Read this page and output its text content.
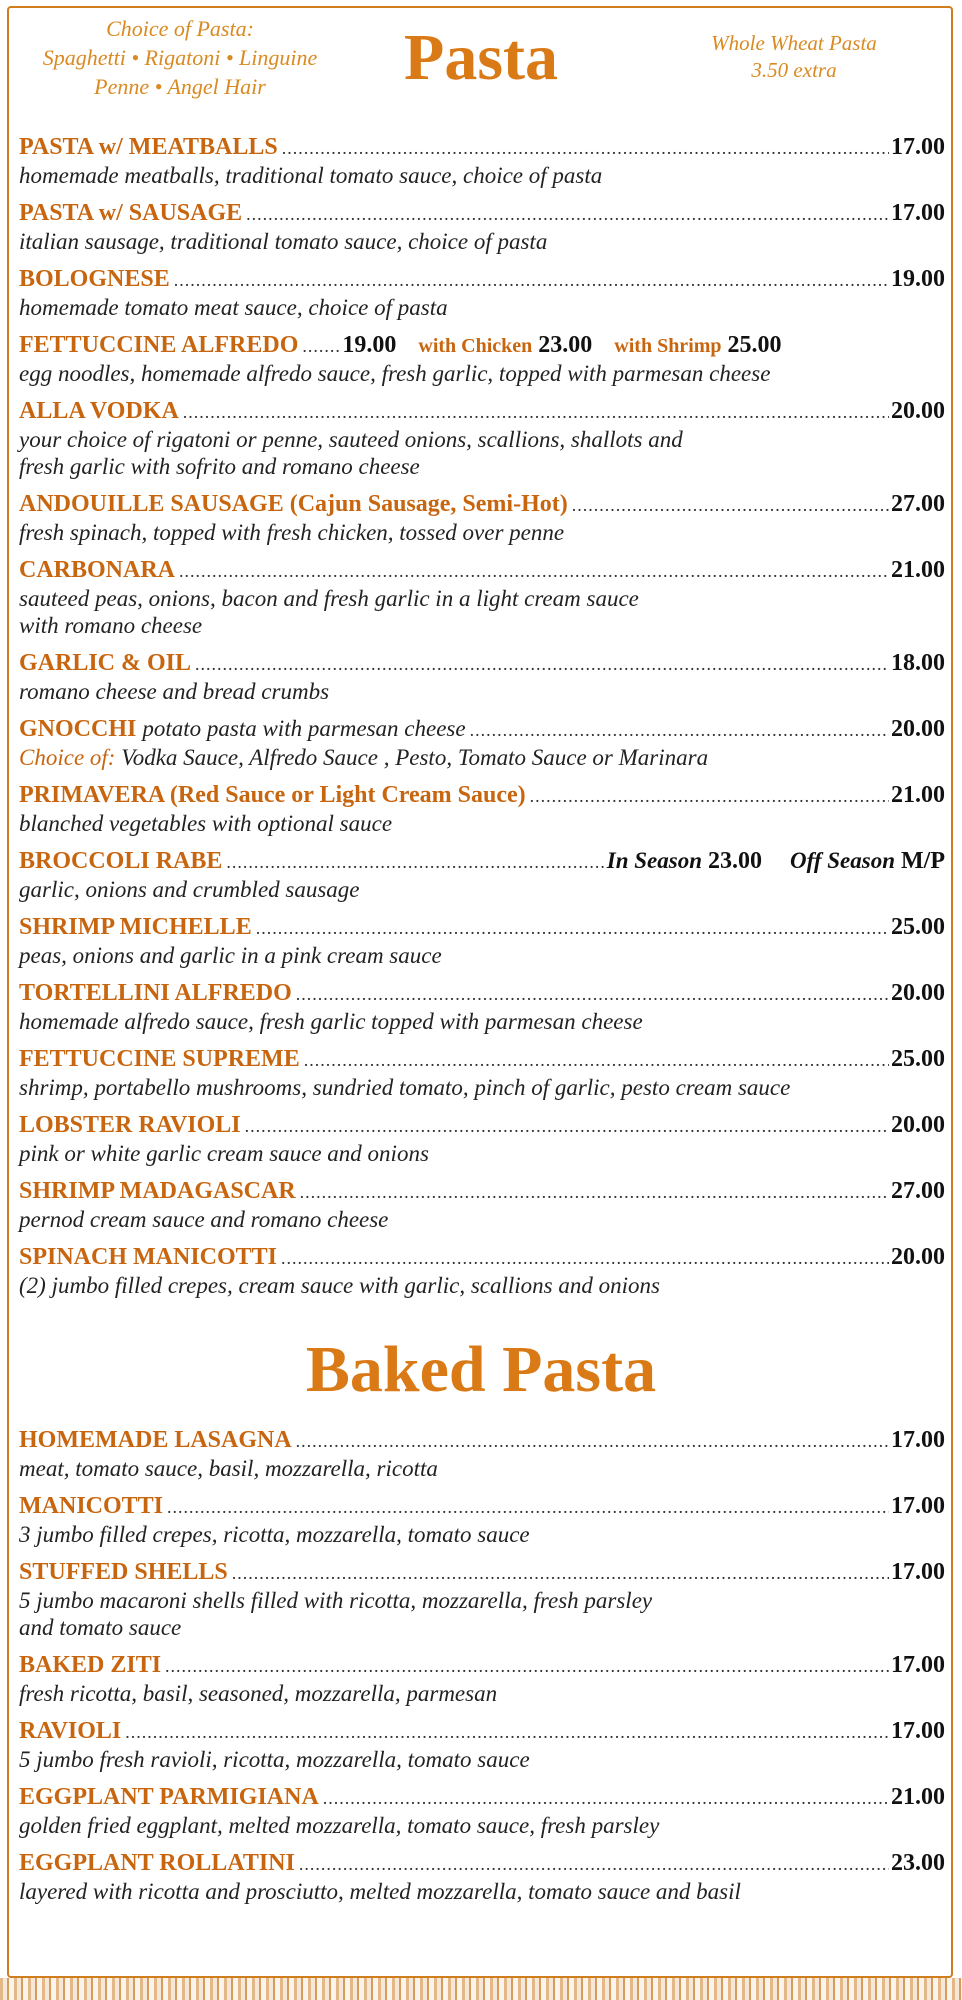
Choice of Pasta:
Spaghetti • Rigatoni • Linguine
Penne • Angel Hair	Pasta	Whole Wheat Pasta
3.50 extra
PASTA w/ MEATBALLS .....	17.00
homemade meatballs, traditional tomato sauce, choice of pasta
PASTA w/ SAUSAGE .....	17.00
italian sausage, traditional tomato sauce, choice of pasta
BOLOGNESE .....	19.00
homemade tomato meat sauce, choice of pasta
FETTUCCINE ALFREDO ..... 19.00 with Chicken 23.00 with Shrimp 25.00
egg noodles, homemade alfredo sauce, fresh garlic, topped with parmesan cheese
ALLA VODKA .....	20.00
your choice of rigatoni or penne, sauteed onions, scallions, shallots and
fresh garlic with sofrito and romano cheese
ANDOUILLE SAUSAGE (Cajun Sausage, Semi-Hot) .....	27.00
fresh spinach, topped with fresh chicken, tossed over penne
CARBONARA .....	21.00
sauteed peas, onions, bacon and fresh garlic in a light cream sauce
with romano cheese
GARLIC & OIL .....	18.00
romano cheese and bread crumbs
GNOCCHI potato pasta with parmesan cheese .....	20.00
Choice of: Vodka Sauce, Alfredo Sauce , Pesto, Tomato Sauce or Marinara
PRIMAVERA (Red Sauce or Light Cream Sauce) .....	21.00
blanched vegetables with optional sauce
BROCCOLI RABE .....	In Season 23.00 Off Season M/P
garlic, onions and crumbled sausage
SHRIMP MICHELLE .....	25.00
peas, onions and garlic in a pink cream sauce
TORTELLINI ALFREDO .....	20.00
homemade alfredo sauce, fresh garlic topped with parmesan cheese
FETTUCCINE SUPREME .....	25.00
shrimp, portabello mushrooms, sundried tomato, pinch of garlic, pesto cream sauce
LOBSTER RAVIOLI .....	20.00
pink or white garlic cream sauce and onions
SHRIMP MADAGASCAR .....	27.00
pernod cream sauce and romano cheese
SPINACH MANICOTTI .....	20.00
(2) jumbo filled crepes, cream sauce with garlic, scallions and onions
Baked Pasta
HOMEMADE LASAGNA .....	17.00
meat, tomato sauce, basil, mozzarella, ricotta
MANICOTTI .....	17.00
3 jumbo filled crepes, ricotta, mozzarella, tomato sauce
STUFFED SHELLS .....	17.00
5 jumbo macaroni shells filled with ricotta, mozzarella, fresh parsley
and tomato sauce
BAKED ZITI .....	17.00
fresh ricotta, basil, seasoned, mozzarella, parmesan
RAVIOLI .....	17.00
5 jumbo fresh ravioli, ricotta, mozzarella, tomato sauce
EGGPLANT PARMIGIANA .....	21.00
golden fried eggplant, melted mozzarella, tomato sauce, fresh parsley
EGGPLANT ROLLATINI .....	23.00
layered with ricotta and prosciutto, melted mozzarella, tomato sauce and basil
